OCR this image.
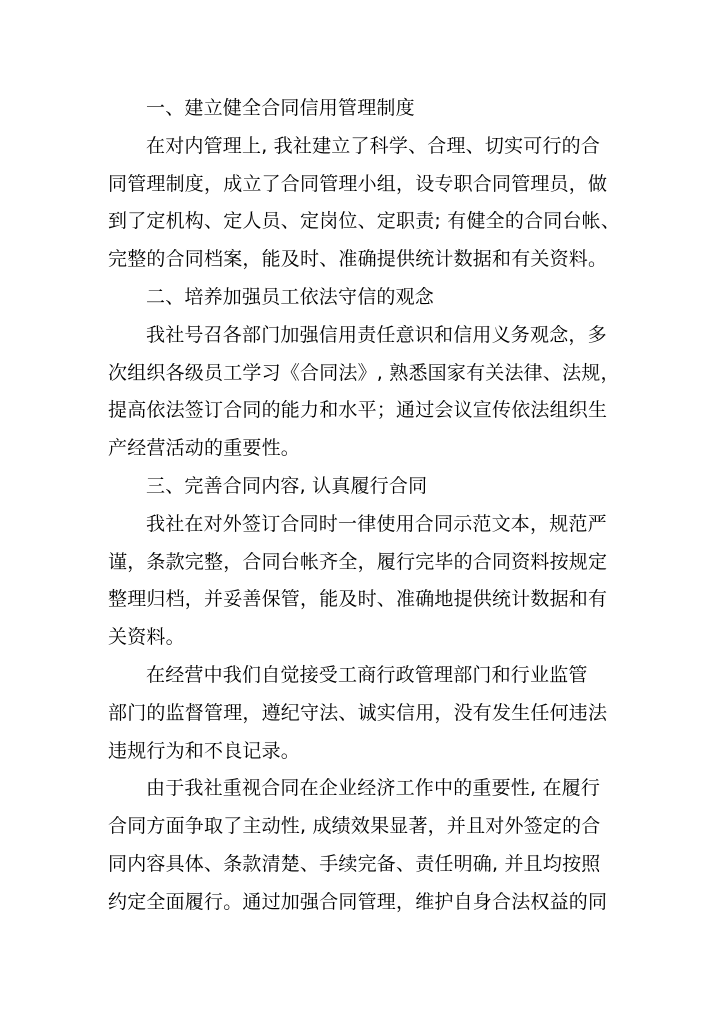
一、建立健全合同信用管理制度
在对内管理上, 我社建立了科学、合理、切实可行的合
同管理制度，成立了合同管理小组，设专职合同管理员，做
到了定机构、定人员、定岗位、定职责; 有健全的合同台帐、
完整的合同档案，能及时、准确提供统计数据和有关资料。
二、培养加强员工依法守信的观念
我社号召各部门加强信用责任意识和信用义务观念，多
次组织各级员工学习《合同法》, 熟悉国家有关法律、法规，
提高依法签订合同的能力和水平；通过会议宣传依法组织生
产经营活动的重要性。
三、完善合同内容, 认真履行合同
我社在对外签订合同时一律使用合同示范文本，规范严
谨，条款完整，合同台帐齐全，履行完毕的合同资料按规定
整理归档，并妥善保管，能及时、准确地提供统计数据和有
关资料。
在经营中我们自觉接受工商行政管理部门和行业监管
部门的监督管理，遵纪守法、诚实信用，没有发生任何违法
违规行为和不良记录。
由于我社重视合同在企业经济工作中的重要性, 在履行
合同方面争取了主动性, 成绩效果显著，并且对外签定的合
同内容具体、条款清楚、手续完备、责任明确, 并且均按照
约定全面履行。通过加强合同管理，维护自身合法权益的同
